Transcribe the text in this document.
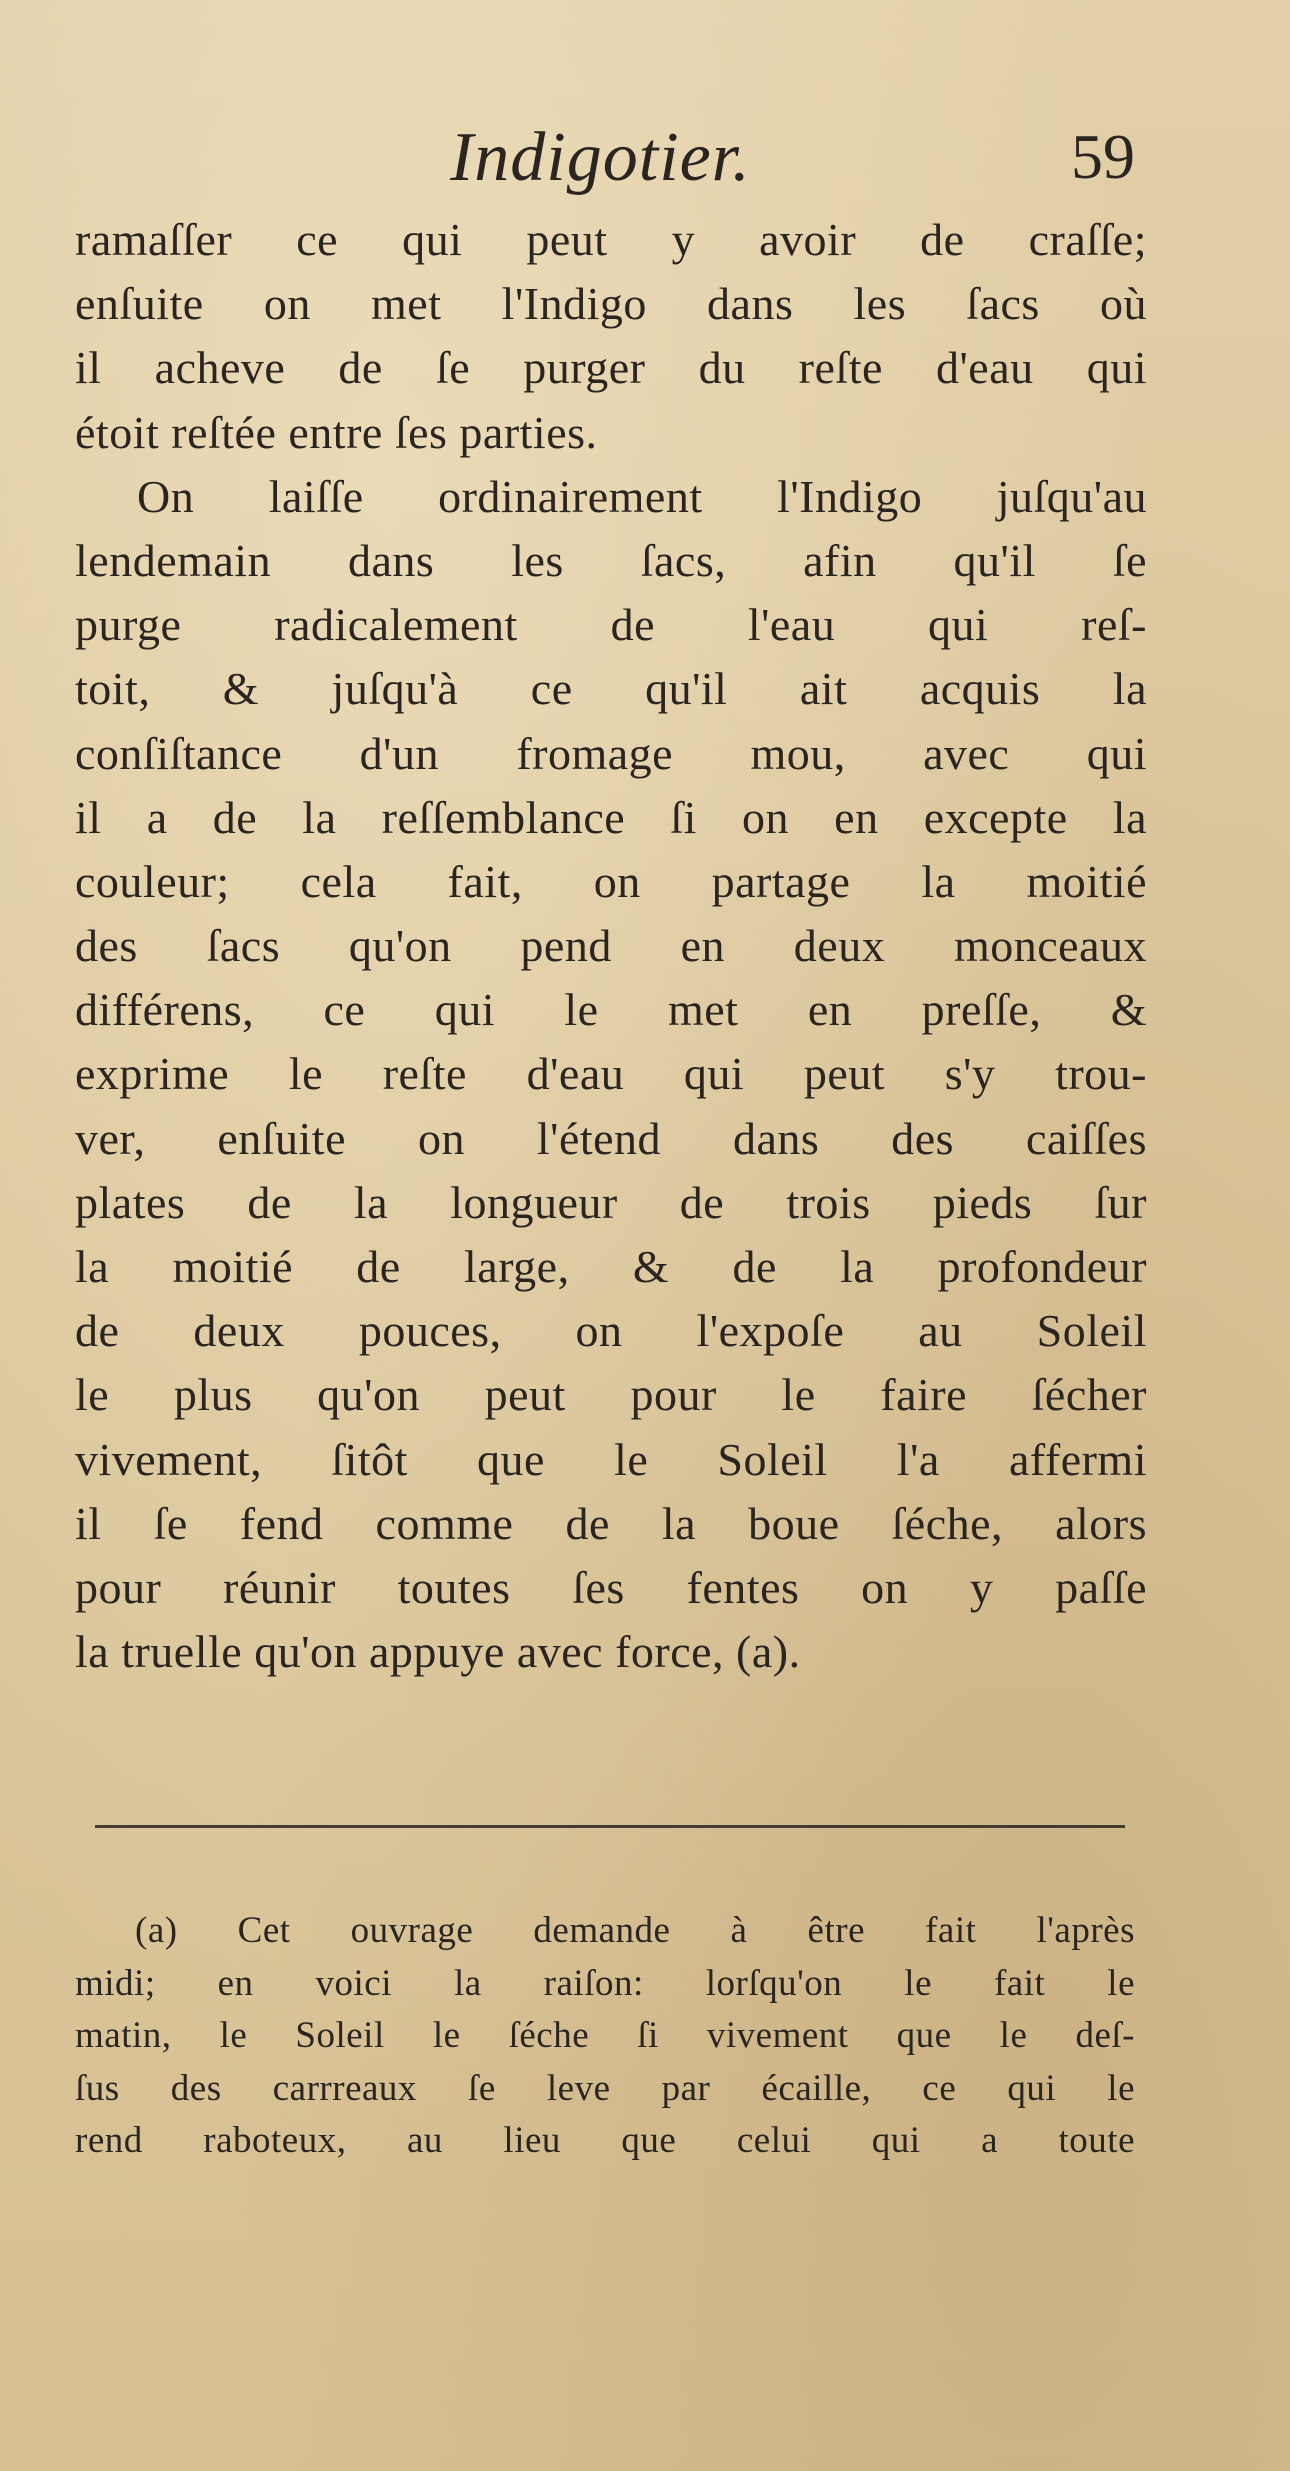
Indigotier.	59
ramaſſer ce qui peut y avoir de craſſe;
enſuite on met l'Indigo dans les ſacs où
il acheve de ſe purger du reſte d'eau qui
étoit reſtée entre ſes parties.
On laiſſe ordinairement l'Indigo juſqu'au
lendemain dans les ſacs, afin qu'il ſe
purge radicalement de l'eau qui reſ-
toit, & juſqu'à ce qu'il ait acquis la
conſiſtance d'un fromage mou, avec qui
il a de la reſſemblance ſi on en excepte la
couleur; cela fait, on partage la moitié
des ſacs qu'on pend en deux monceaux
différens, ce qui le met en preſſe, &
exprime le reſte d'eau qui peut s'y trou-
ver, enſuite on l'étend dans des caiſſes
plates de la longueur de trois pieds ſur
la moitié de large, & de la profondeur
de deux pouces, on l'expoſe au Soleil
le plus qu'on peut pour le faire ſécher
vivement, ſitôt que le Soleil l'a affermi
il ſe fend comme de la boue ſéche, alors
pour réunir toutes ſes fentes on y paſſe
la truelle qu'on appuye avec force, (a).
(a) Cet ouvrage demande à être fait l'après
midi; en voici la raiſon: lorſqu'on le fait le
matin, le Soleil le ſéche ſi vivement que le deſ-
ſus des carrreaux ſe leve par écaille, ce qui le
rend raboteux, au lieu que celui qui a toute
